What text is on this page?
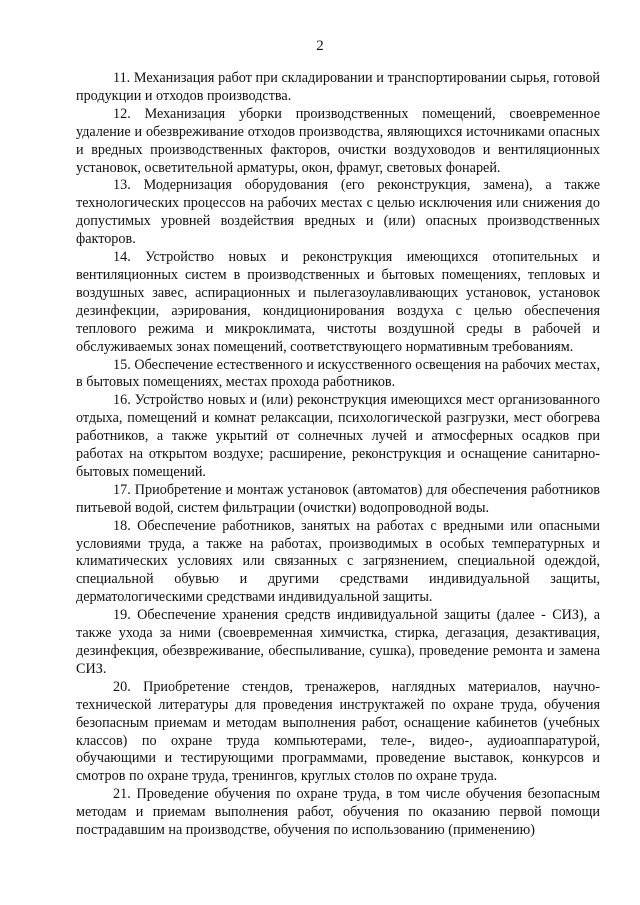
2

11. Механизация работ при складировании и транспортировании сырья, готовой продукции и отходов производства.

12. Механизация уборки производственных помещений, своевременное удаление и обезвреживание отходов производства, являющихся источниками опасных и вредных производственных факторов, очистки воздуховодов и вентиляционных установок, осветительной арматуры, окон, фрамуг, световых фонарей.

13. Модернизация оборудования (его реконструкция, замена), а также технологических процессов на рабочих местах с целью исключения или снижения до допустимых уровней воздействия вредных и (или) опасных производственных факторов.

14. Устройство новых и реконструкция имеющихся отопительных и вентиляционных систем в производственных и бытовых помещениях, тепловых и воздушных завес, аспирационных и пылегазоулавливающих установок, установок дезинфекции, аэрирования, кондиционирования воздуха с целью обеспечения теплового режима и микроклимата, чистоты воздушной среды в рабочей и обслуживаемых зонах помещений, соответствующего нормативным требованиям.

15. Обеспечение естественного и искусственного освещения на рабочих местах, в бытовых помещениях, местах прохода работников.

16. Устройство новых и (или) реконструкция имеющихся мест организованного отдыха, помещений и комнат релаксации, психологической разгрузки, мест обогрева работников, а также укрытий от солнечных лучей и атмосферных осадков при работах на открытом воздухе; расширение, реконструкция и оснащение санитарно-бытовых помещений.

17. Приобретение и монтаж установок (автоматов) для обеспечения работников питьевой водой, систем фильтрации (очистки) водопроводной воды.

18. Обеспечение работников, занятых на работах с вредными или опасными условиями труда, а также на работах, производимых в особых температурных и климатических условиях или связанных с загрязнением, специальной одеждой, специальной обувью и другими средствами индивидуальной защиты, дерматологическими средствами индивидуальной защиты.

19. Обеспечение хранения средств индивидуальной защиты (далее - СИЗ), а также ухода за ними (своевременная химчистка, стирка, дегазация, дезактивация, дезинфекция, обезвреживание, обеспыливание, сушка), проведение ремонта и замена СИЗ.

20. Приобретение стендов, тренажеров, наглядных материалов, научно-технической литературы для проведения инструктажей по охране труда, обучения безопасным приемам и методам выполнения работ, оснащение кабинетов (учебных классов) по охране труда компьютерами, теле-, видео-, аудиоаппаратурой, обучающими и тестирующими программами, проведение выставок, конкурсов и смотров по охране труда, тренингов, круглых столов по охране труда.

21. Проведение обучения по охране труда, в том числе обучения безопасным методам и приемам выполнения работ, обучения по оказанию первой помощи пострадавшим на производстве, обучения по использованию (применению)
